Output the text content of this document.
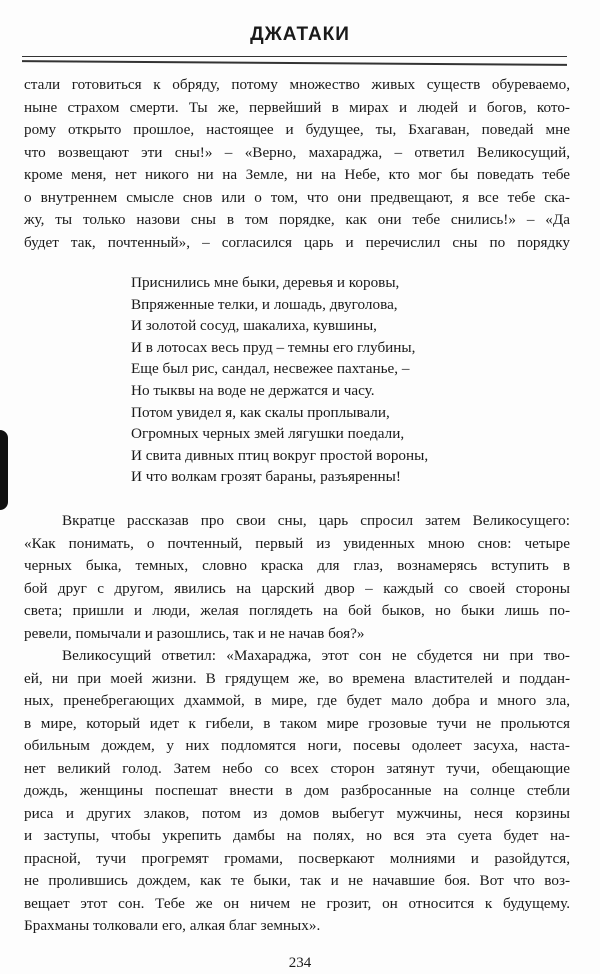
ДЖАТАКИ
стали готовиться к обряду, потому множество живых существ обуреваемо,
ныне страхом смерти. Ты же, первейший в мирах и людей и богов, кото-
рому открыто прошлое, настоящее и будущее, ты, Бхагаван, поведай мне
что возвещают эти сны!» – «Верно, махараджа, – ответил Великосущий,
кроме меня, нет никого ни на Земле, ни на Небе, кто мог бы поведать тебе
о внутреннем смысле снов или о том, что они предвещают, я все тебе ска-
жу, ты только назови сны в том порядке, как они тебе снились!» – «Да
будет так, почтенный», – согласился царь и перечислил сны по порядку
Приснились мне быки, деревья и коровы,
Впряженные телки, и лошадь, двуголова,
И золотой сосуд, шакалиха, кувшины,
И в лотосах весь пруд – темны его глубины,
Еще был рис, сандал, несвежее пахтанье, –
Но тыквы на воде не держатся и часу.
Потом увидел я, как скалы проплывали,
Огромных черных змей лягушки поедали,
И свита дивных птиц вокруг простой вороны,
И что волкам грозят бараны, разъяренны!
Вкратце рассказав про свои сны, царь спросил затем Великосущего:
«Как понимать, о почтенный, первый из увиденных мною снов: четыре
черных быка, темных, словно краска для глаз, вознамерясь вступить в
бой друг с другом, явились на царский двор – каждый со своей стороны
света; пришли и люди, желая поглядеть на бой быков, но быки лишь по-
ревели, помычали и разошлись, так и не начав боя?»
Великосущий ответил: «Махараджа, этот сон не сбудется ни при тво-
ей, ни при моей жизни. В грядущем же, во времена властителей и поддан-
ных, пренебрегающих дхаммой, в мире, где будет мало добра и много зла,
в мире, который идет к гибели, в таком мире грозовые тучи не прольются
обильным дождем, у них подломятся ноги, посевы одолеет засуха, наста-
нет великий голод. Затем небо со всех сторон затянут тучи, обещающие
дождь, женщины поспешат внести в дом разбросанные на солнце стебли
риса и других злаков, потом из домов выбегут мужчины, неся корзины
и заступы, чтобы укрепить дамбы на полях, но вся эта суета будет на-
прасной, тучи прогремят громами, посверкают молниями и разойдутся,
не пролившись дождем, как те быки, так и не начавшие боя. Вот что воз-
вещает этот сон. Тебе же он ничем не грозит, он относится к будущему.
Брахманы толковали его, алкая благ земных».
234
